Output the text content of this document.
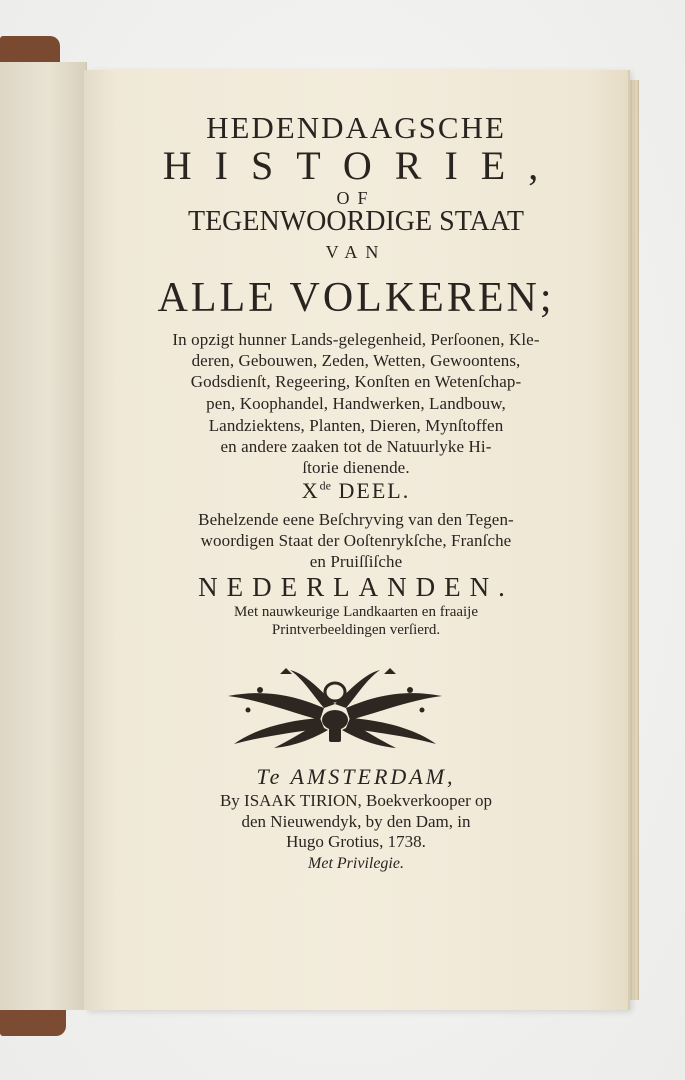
HEDENDAAGSCHE
HISTORIE,
OF
TEGENWOORDIGE STAAT
VAN
ALLE VOLKEREN;
In opzigt hunner Lands-gelegenheid, Perſoonen, Kle-
deren, Gebouwen, Zeden, Wetten, Gewoontens,
Godsdienſt, Regeering, Konſten en Wetenſchap-
pen, Koophandel, Handwerken, Landbouw,
Landziektens, Planten, Dieren, Mynſtoffen
en andere zaaken tot de Natuurlyke Hi-
ſtorie dienende.
Xde DEEL.
Behelzende eene Beſchryving van den Tegen-
woordigen Staat der Ooſtenrykſche, Franſche
en Pruiſſiſche
NEDERLANDEN.
Met nauwkeurige Landkaarten en fraaije
Printverbeeldingen verſierd.
Te AMSTERDAM,
By ISAAK TIRION, Boekverkooper op
den Nieuwendyk, by den Dam, in
Hugo Grotius, 1738.
Met Privilegie.
